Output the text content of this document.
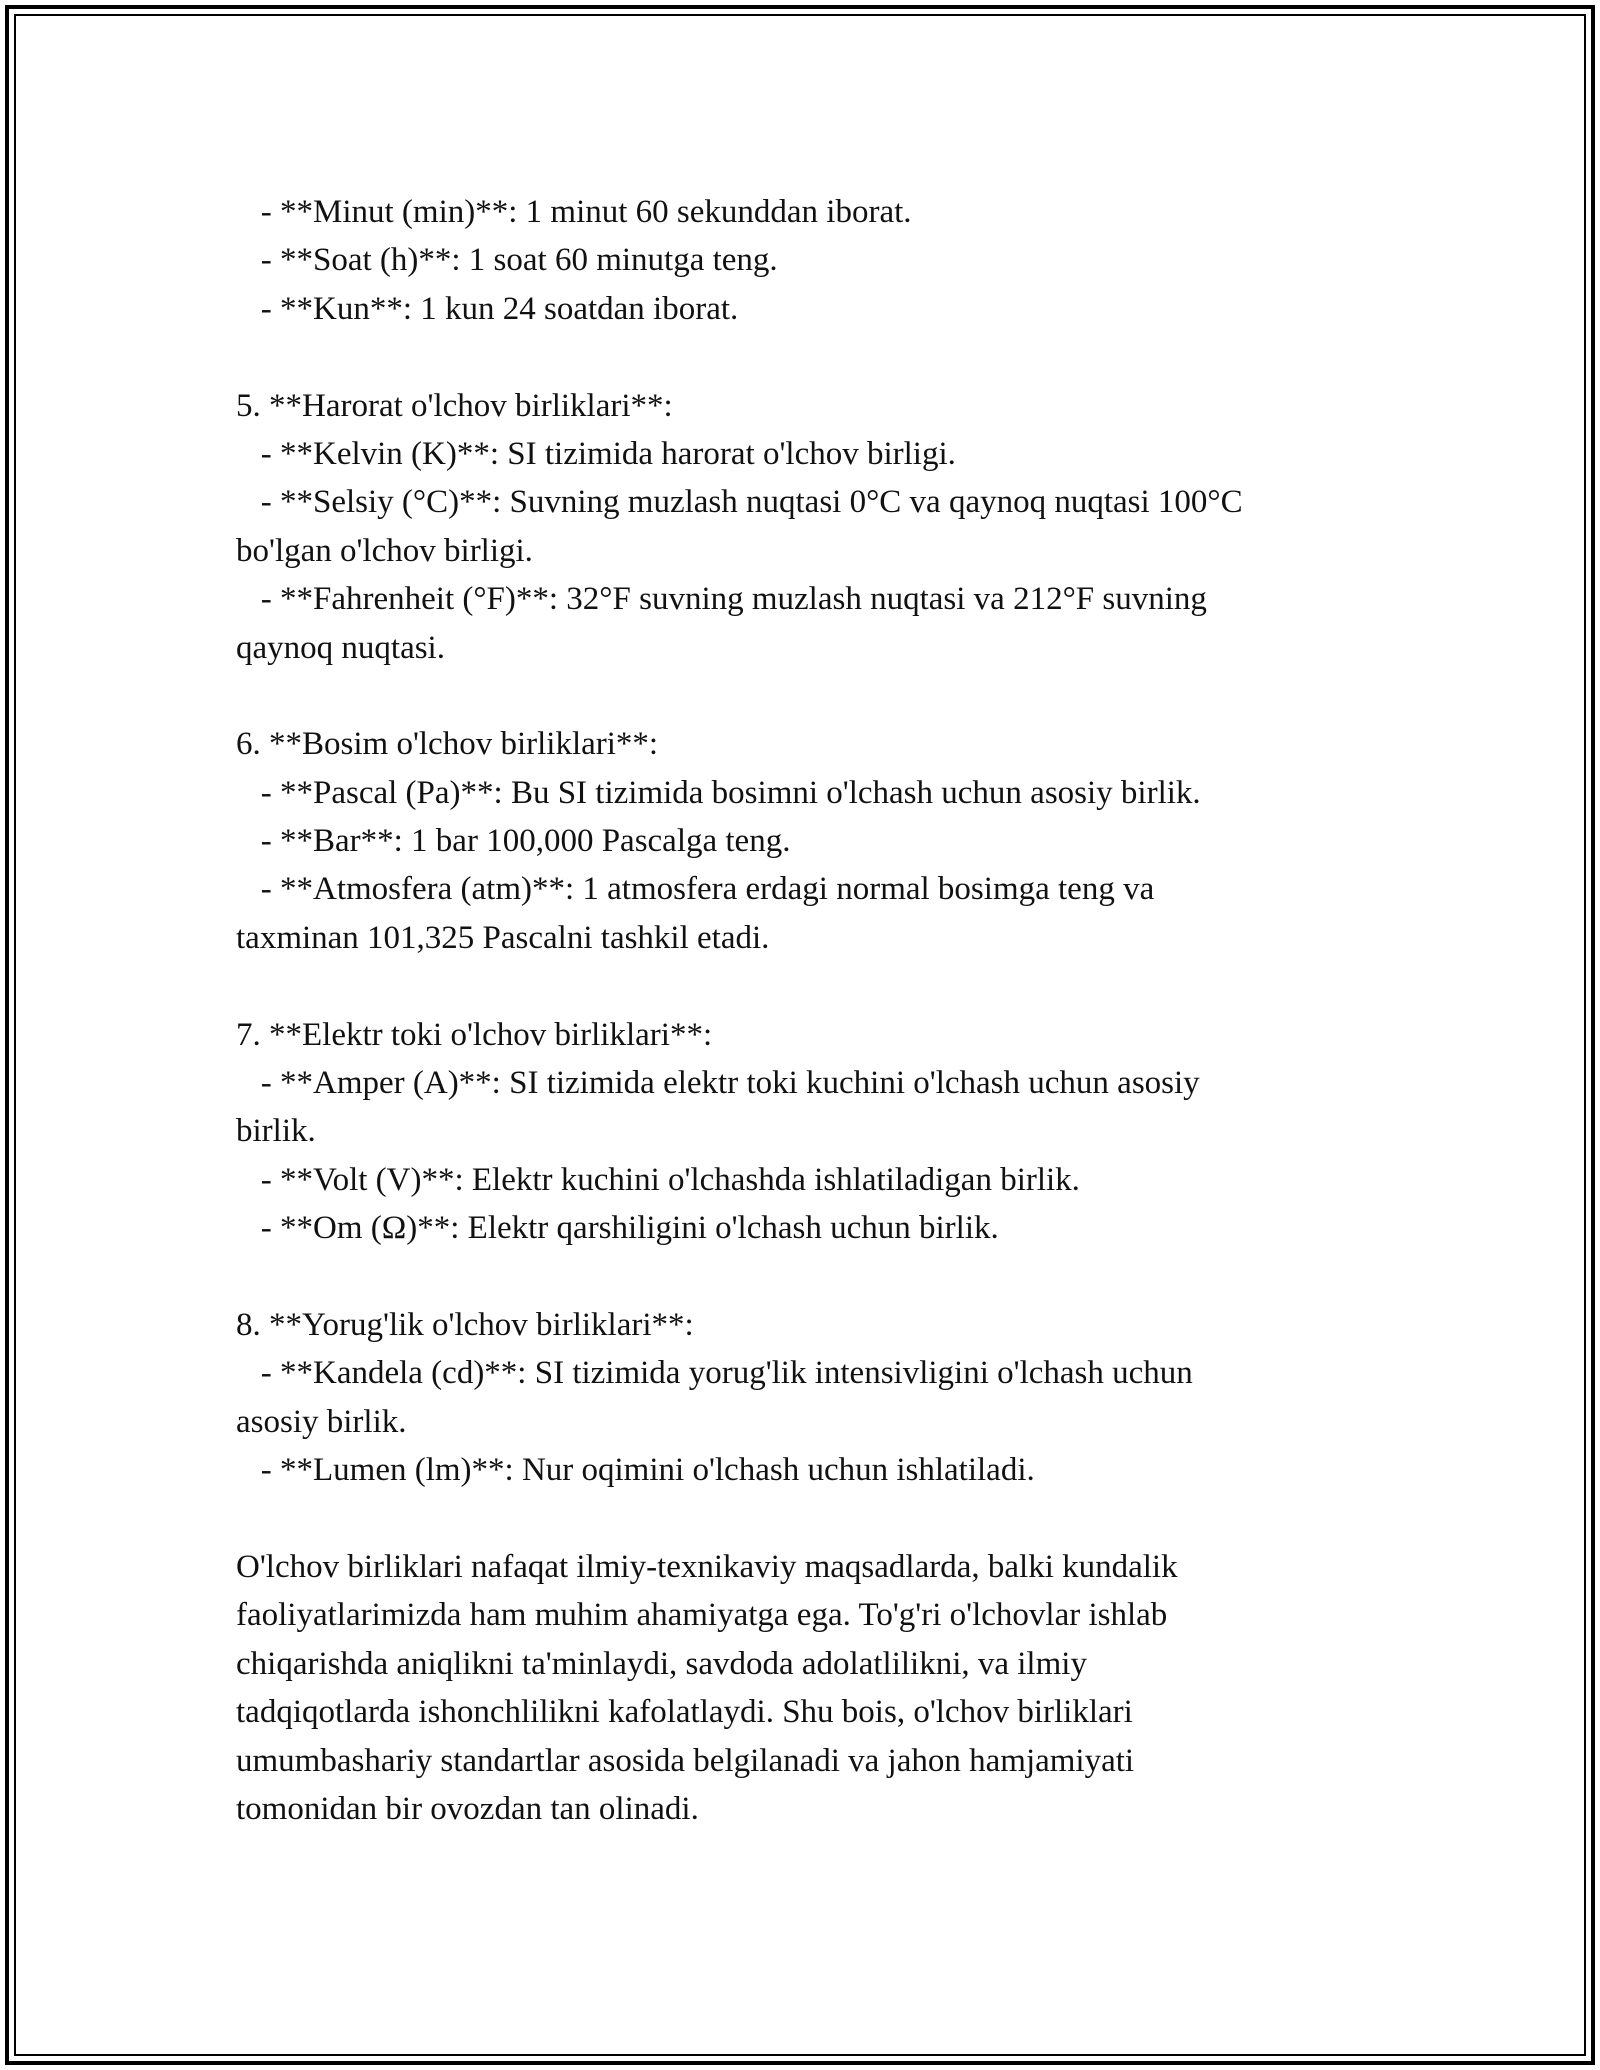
- **Minut (min)**: 1 minut 60 sekunddan iborat.
- **Soat (h)**: 1 soat 60 minutga teng.
- **Kun**: 1 kun 24 soatdan iborat.
5. **Harorat o'lchov birliklari**:
- **Kelvin (K)**: SI tizimida harorat o'lchov birligi.
- **Selsiy (°C)**: Suvning muzlash nuqtasi 0°C va qaynoq nuqtasi 100°C
bo'lgan o'lchov birligi.
- **Fahrenheit (°F)**: 32°F suvning muzlash nuqtasi va 212°F suvning
qaynoq nuqtasi.
6. **Bosim o'lchov birliklari**:
- **Pascal (Pa)**: Bu SI tizimida bosimni o'lchash uchun asosiy birlik.
- **Bar**: 1 bar 100,000 Pascalga teng.
- **Atmosfera (atm)**: 1 atmosfera erdagi normal bosimga teng va
taxminan 101,325 Pascalni tashkil etadi.
7. **Elektr toki o'lchov birliklari**:
- **Amper (A)**: SI tizimida elektr toki kuchini o'lchash uchun asosiy
birlik.
- **Volt (V)**: Elektr kuchini o'lchashda ishlatiladigan birlik.
- **Om (Ω)**: Elektr qarshiligini o'lchash uchun birlik.
8. **Yorug'lik o'lchov birliklari**:
- **Kandela (cd)**: SI tizimida yorug'lik intensivligini o'lchash uchun
asosiy birlik.
- **Lumen (lm)**: Nur oqimini o'lchash uchun ishlatiladi.
O'lchov birliklari nafaqat ilmiy-texnikaviy maqsadlarda, balki kundalik
faoliyatlarimizda ham muhim ahamiyatga ega. To'g'ri o'lchovlar ishlab
chiqarishda aniqlikni ta'minlaydi, savdoda adolatlilikni, va ilmiy
tadqiqotlarda ishonchlilikni kafolatlaydi. Shu bois, o'lchov birliklari
umumbashariy standartlar asosida belgilanadi va jahon hamjamiyati
tomonidan bir ovozdan tan olinadi.
